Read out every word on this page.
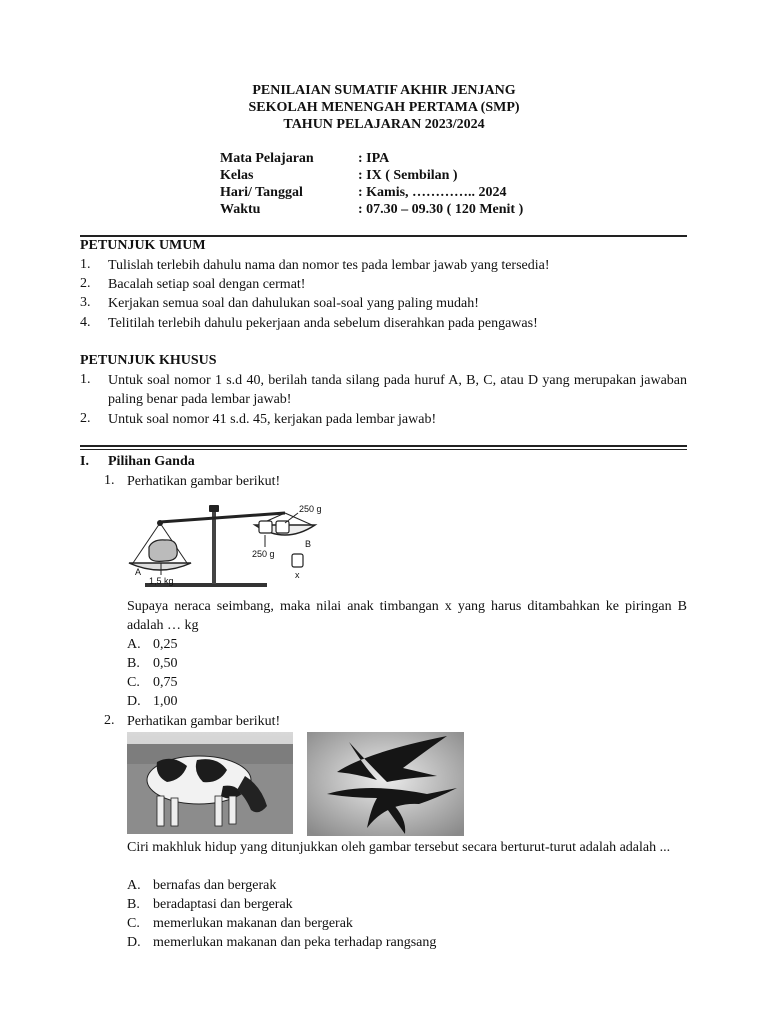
PENILAIAN SUMATIF AKHIR JENJANG
SEKOLAH MENENGAH PERTAMA (SMP)
TAHUN PELAJARAN 2023/2024
Mata Pelajaran	: IPA
Kelas	: IX ( Sembilan )
Hari/ Tanggal	: Kamis, ………….. 2024
Waktu	: 07.30 – 09.30 ( 120 Menit )
PETUNJUK UMUM
1. Tulislah terlebih dahulu nama dan nomor tes pada lembar jawab yang tersedia!
2. Bacalah setiap soal dengan cermat!
3. Kerjakan semua soal dan dahulukan soal-soal yang paling mudah!
4. Telitilah terlebih dahulu pekerjaan anda sebelum diserahkan pada pengawas!
PETUNJUK KHUSUS
1. Untuk soal nomor 1 s.d 40, berilah tanda silang pada huruf A, B, C, atau D yang merupakan jawaban paling benar pada lembar jawab!
2. Untuk soal nomor 41 s.d. 45, kerjakan pada lembar jawab!
I. Pilihan Ganda
1. Perhatikan gambar berikut!
250 g
250 g
1,5 kg
A
B
x
Supaya neraca seimbang, maka nilai anak timbangan x yang harus ditambahkan ke piringan B adalah … kg
A. 0,25
B. 0,50
C. 0,75
D. 1,00
2. Perhatikan gambar berikut!
Ciri makhluk hidup yang ditunjukkan oleh gambar tersebut secara berturut-turut adalah adalah ...
A. bernafas dan bergerak
B. beradaptasi dan bergerak
C. memerlukan makanan dan bergerak
D. memerlukan makanan dan peka terhadap rangsang
